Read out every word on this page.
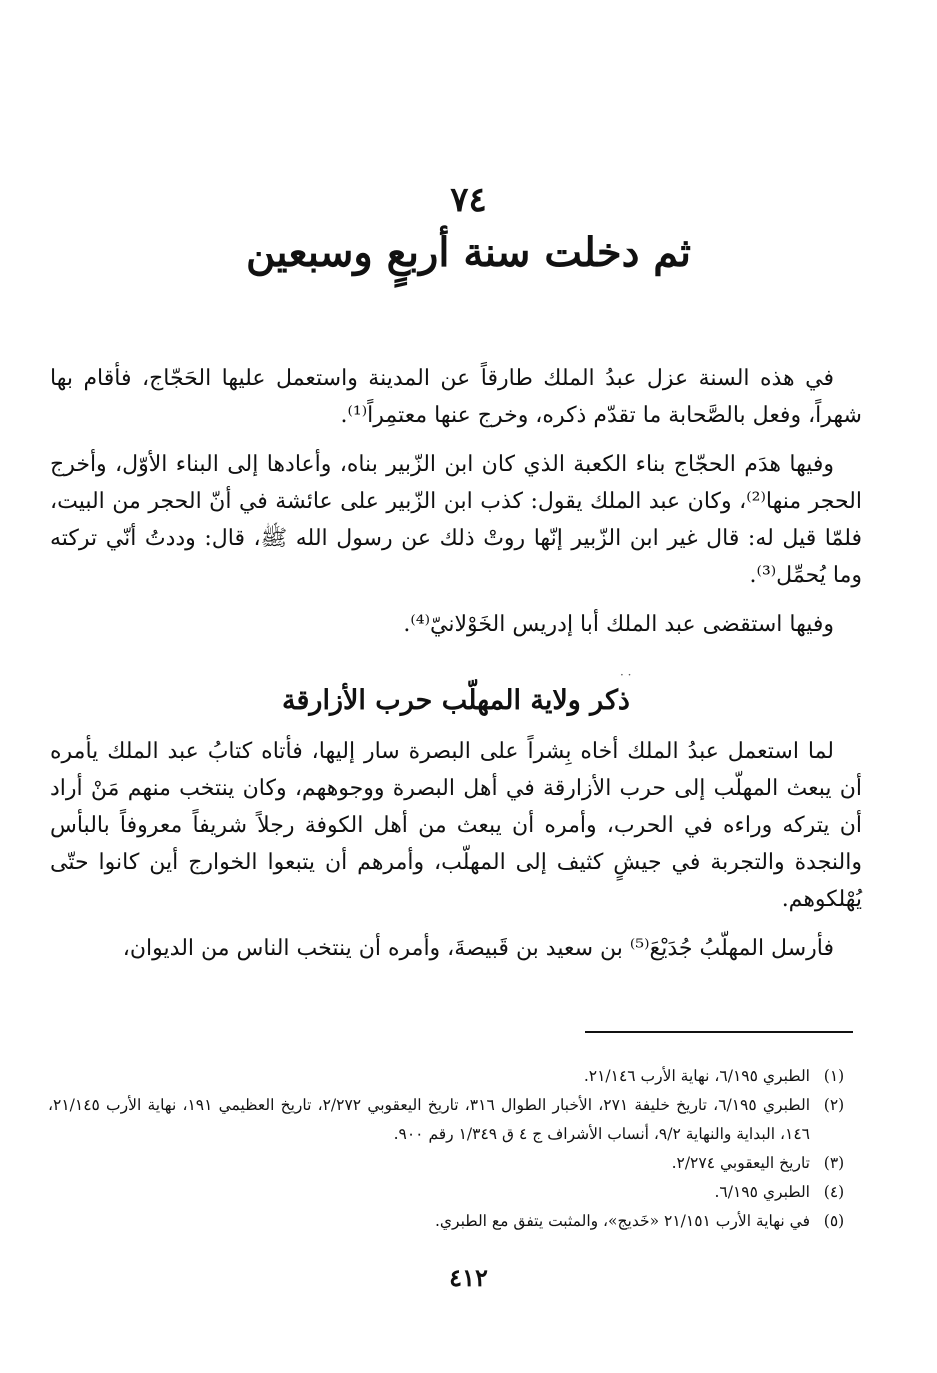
٧٤
ثم دخلت سنة أربعٍ وسبعين

في هذه السنة عزل عبدُ الملك طارقاً عن المدينة واستعمل عليها الحَجّاج، فأقام بها شهراً، وفعل بالصَّحابة ما تقدّم ذكره، وخرج عنها معتمِراً⁽¹⁾.

وفيها هدَم الحجّاج بناء الكعبة الذي كان ابن الزّبير بناه، وأعادها إلى البناء الأوّل، وأخرج الحجر منها⁽²⁾، وكان عبد الملك يقول: كذب ابن الزّبير على عائشة في أنّ الحجر من البيت، فلمّا قيل له: قال غير ابن الزّبير إنّها روتْ ذلك عن رسول الله ﷺ، قال: وددتُ أنّي تركته وما يُحمِّل⁽³⁾.

وفيها استقضى عبد الملك أبا إدريس الخَوْلانيّ⁽⁴⁾.

ذكر ولاية المهلّب حرب الأزارقة

لما استعمل عبدُ الملك أخاه بِشراً على البصرة سار إليها، فأتاه كتابُ عبد الملك يأمره أن يبعث المهلّب إلى حرب الأزارقة في أهل البصرة ووجوههم، وكان ينتخب منهم مَنْ أراد أن يتركه وراءه في الحرب، وأمره أن يبعث من أهل الكوفة رجلاً شريفاً معروفاً بالبأس والنجدة والتجربة في جيشٍ كثيف إلى المهلّب، وأمرهم أن يتبعوا الخوارج أين كانوا حتّى يُهْلكوهم.

فأرسل المهلّبُ جُدَيْعَ⁽⁵⁾ بن سعيد بن قَبيصةَ، وأمره أن ينتخب الناس من الديوان،

· ·
(١)
الطبري ٦/١٩٥، نهاية الأرب ٢١/١٤٦.
(٢)
الطبري ٦/١٩٥، تاريخ خليفة ٢٧١، الأخبار الطوال ٣١٦، تاريخ اليعقوبي ٢/٢٧٢، تاريخ العظيمي ١٩١، نهاية الأرب ٢١/١٤٥، ١٤٦، البداية والنهاية ٩/٢، أنساب الأشراف ج ٤ ق ١/٣٤٩ رقم ٩٠٠.
(٣)
تاريخ اليعقوبي ٢/٢٧٤.
(٤)
الطبري ٦/١٩٥.
(٥)
في نهاية الأرب ٢١/١٥١ «خَديج»، والمثبت يتفق مع الطبري.
٤١٢
